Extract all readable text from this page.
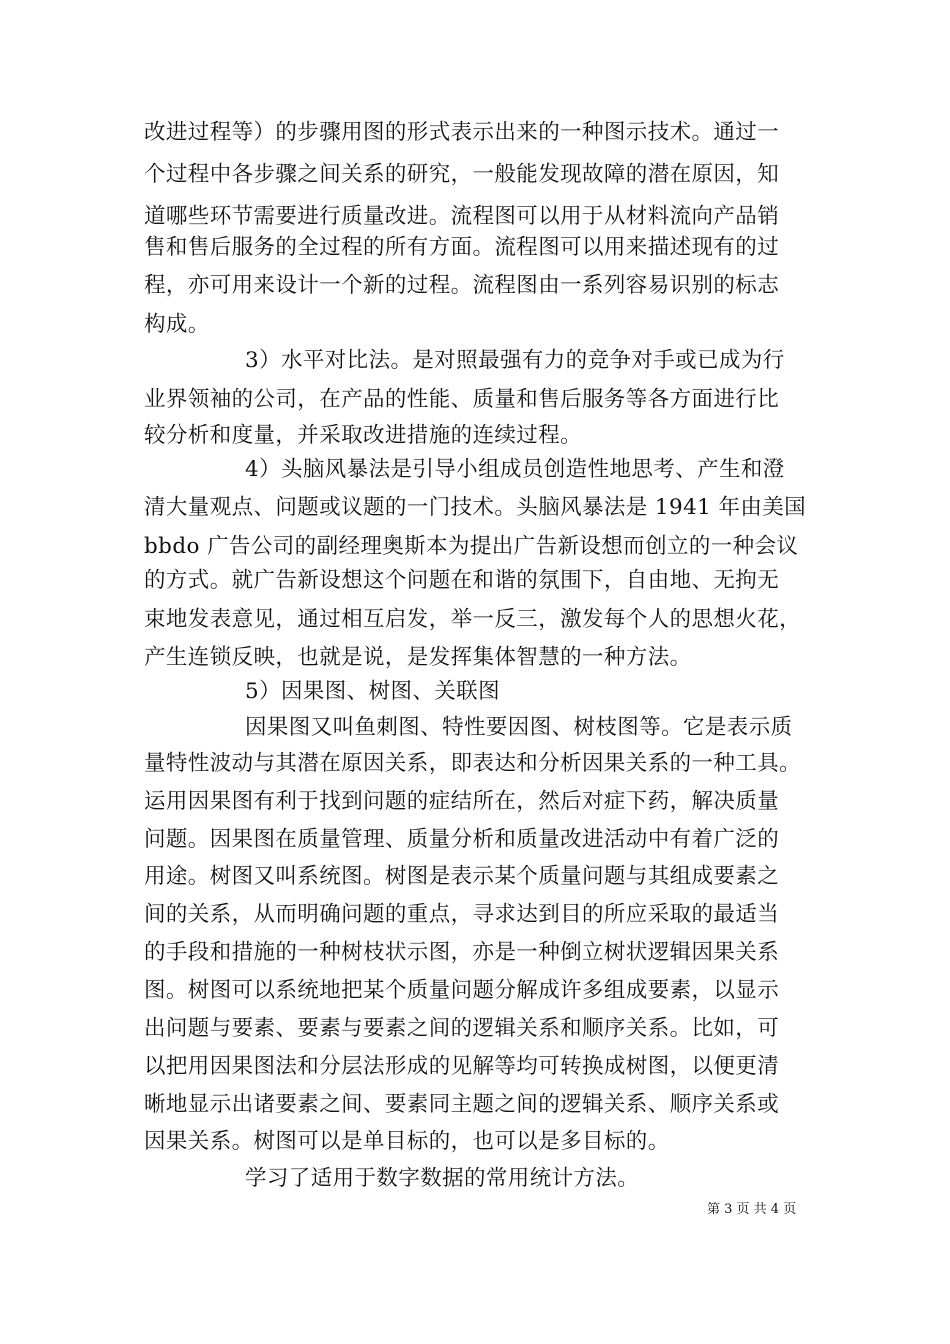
改进过程等）的步骤用图的形式表示出来的一种图示技术。通过一
个过程中各步骤之间关系的研究，一般能发现故障的潜在原因，知
道哪些环节需要进行质量改进。流程图可以用于从材料流向产品销
售和售后服务的全过程的所有方面。流程图可以用来描述现有的过
程，亦可用来设计一个新的过程。流程图由一系列容易识别的标志
构成。
3）水平对比法。是对照最强有力的竞争对手或已成为行
业界领袖的公司，在产品的性能、质量和售后服务等各方面进行比
较分析和度量，并采取改进措施的连续过程。
4）头脑风暴法是引导小组成员创造性地思考、产生和澄
清大量观点、问题或议题的一门技术。头脑风暴法是 1941 年由美国
bbdo 广告公司的副经理奥斯本为提出广告新设想而创立的一种会议
的方式。就广告新设想这个问题在和谐的氛围下，自由地、无拘无
束地发表意见，通过相互启发，举一反三，激发每个人的思想火花，
产生连锁反映，也就是说，是发挥集体智慧的一种方法。
5）因果图、树图、关联图
因果图又叫鱼刺图、特性要因图、树枝图等。它是表示质
量特性波动与其潜在原因关系，即表达和分析因果关系的一种工具。
运用因果图有利于找到问题的症结所在，然后对症下药，解决质量
问题。因果图在质量管理、质量分析和质量改进活动中有着广泛的
用途。树图又叫系统图。树图是表示某个质量问题与其组成要素之
间的关系，从而明确问题的重点，寻求达到目的所应采取的最适当
的手段和措施的一种树枝状示图，亦是一种倒立树状逻辑因果关系
图。树图可以系统地把某个质量问题分解成许多组成要素，以显示
出问题与要素、要素与要素之间的逻辑关系和顺序关系。比如，可
以把用因果图法和分层法形成的见解等均可转换成树图，以便更清
晰地显示出诸要素之间、要素同主题之间的逻辑关系、顺序关系或
因果关系。树图可以是单目标的，也可以是多目标的。
学习了适用于数字数据的常用统计方法。
第 3 页 共 4 页
